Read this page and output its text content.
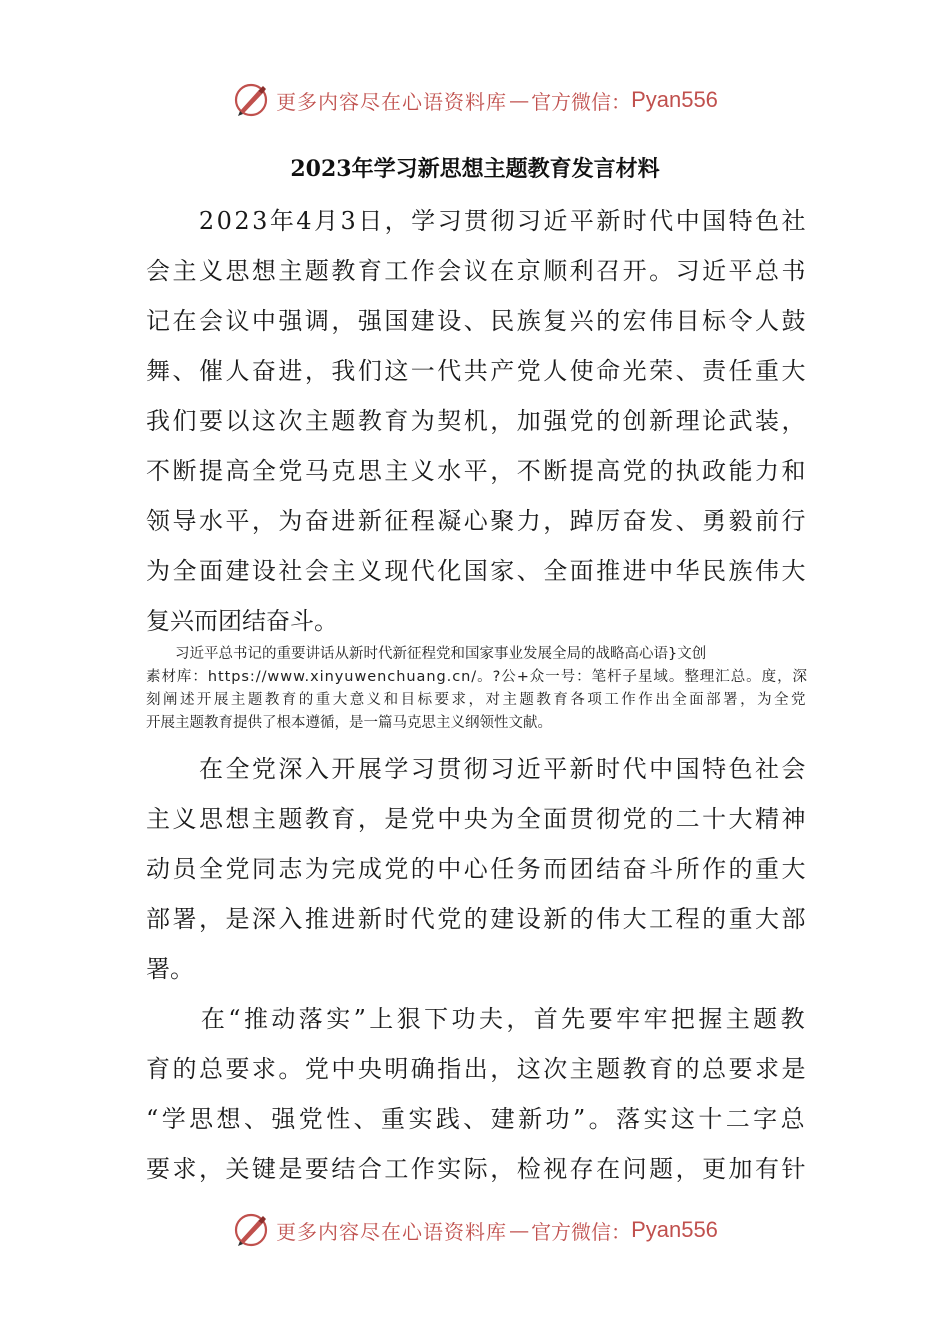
更多内容尽在心语资料库 — 官方微信： Pyan556
2023年学习新思想主题教育发言材料
　　2023年4月3日，学习贯彻习近平新时代中国特色社
会主义思想主题教育工作会议在京顺利召开。习近平总书
记在会议中强调，强国建设、民族复兴的宏伟目标令人鼓
舞、催人奋进，我们这一代共产党人使命光荣、责任重大
我们要以这次主题教育为契机，加强党的创新理论武装，
不断提高全党马克思主义水平，不断提高党的执政能力和
领导水平，为奋进新征程凝心聚力，踔厉奋发、勇毅前行
为全面建设社会主义现代化国家、全面推进中华民族伟大
复兴而团结奋斗。
　　习近平总书记的重要讲话从新时代新征程党和国家事业发展全局的战略高心语}文创
素材库：https://www.xinyuwenchuang.cn/。?公+众一号：笔杆子星域。整理汇总。度，深
刻阐述开展主题教育的重大意义和目标要求，对主题教育各项工作作出全面部署，为全党
开展主题教育提供了根本遵循，是一篇马克思主义纲领性文献。
　　在全党深入开展学习贯彻习近平新时代中国特色社会
主义思想主题教育，是党中央为全面贯彻党的二十大精神
动员全党同志为完成党的中心任务而团结奋斗所作的重大
部署，是深入推进新时代党的建设新的伟大工程的重大部
署。
　　在“推动落实”上狠下功夫，首先要牢牢把握主题教
育的总要求。党中央明确指出，这次主题教育的总要求是
“学思想、强党性、重实践、建新功”。落实这十二字总
要求，关键是要结合工作实际，检视存在问题，更加有针
更多内容尽在心语资料库 — 官方微信： Pyan556
